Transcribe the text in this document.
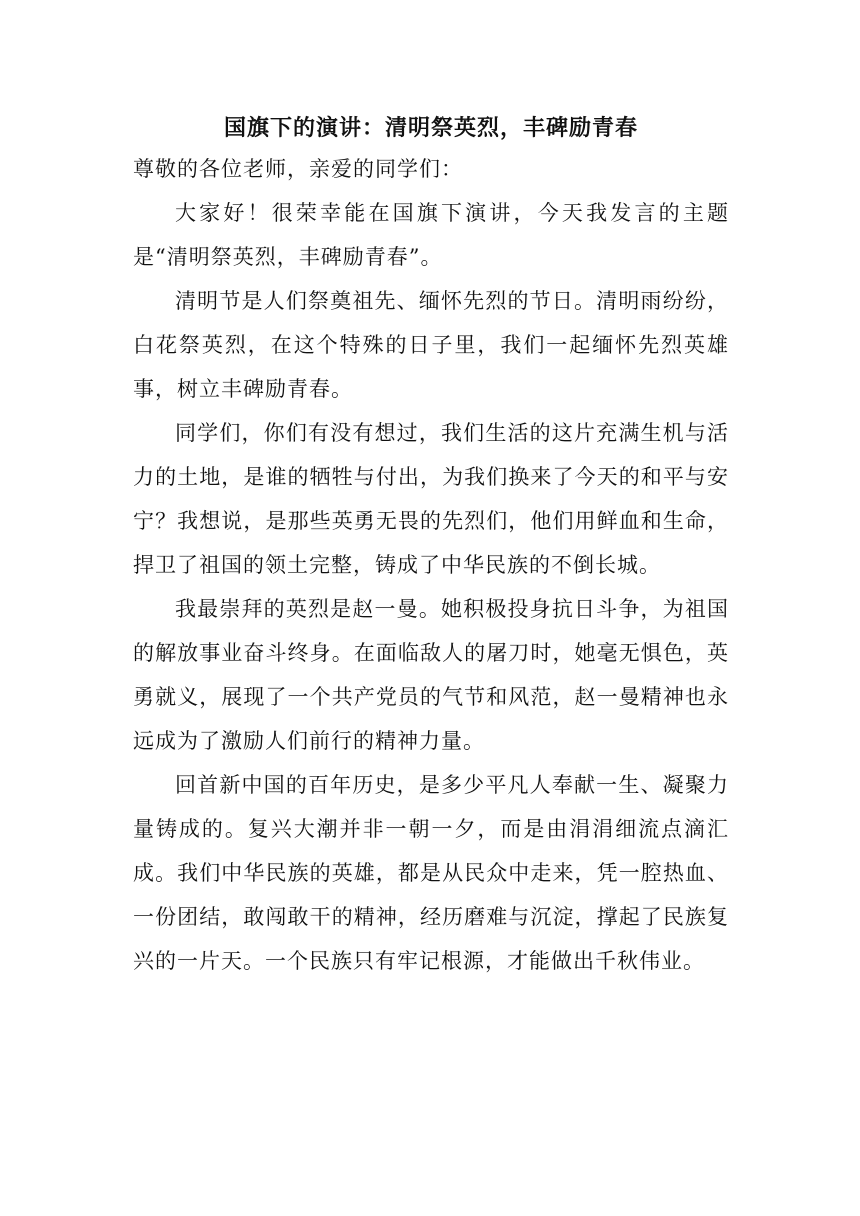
国旗下的演讲：清明祭英烈，丰碑励青春

尊敬的各位老师，亲爱的同学们：

大家好！很荣幸能在国旗下演讲，今天我发言的主题是“清明祭英烈，丰碑励青春”。

清明节是人们祭奠祖先、缅怀先烈的节日。清明雨纷纷，白花祭英烈，在这个特殊的日子里，我们一起缅怀先烈英雄事，树立丰碑励青春。

同学们，你们有没有想过，我们生活的这片充满生机与活力的土地，是谁的牺牲与付出，为我们换来了今天的和平与安宁？我想说，是那些英勇无畏的先烈们，他们用鲜血和生命，捍卫了祖国的领土完整，铸成了中华民族的不倒长城。

我最崇拜的英烈是赵一曼。她积极投身抗日斗争，为祖国的解放事业奋斗终身。在面临敌人的屠刀时，她毫无惧色，英勇就义，展现了一个共产党员的气节和风范，赵一曼精神也永远成为了激励人们前行的精神力量。

回首新中国的百年历史，是多少平凡人奉献一生、凝聚力量铸成的。复兴大潮并非一朝一夕，而是由涓涓细流点滴汇成。我们中华民族的英雄，都是从民众中走来，凭一腔热血、一份团结，敢闯敢干的精神，经历磨难与沉淀，撑起了民族复兴的一片天。一个民族只有牢记根源，才能做出千秋伟业。
